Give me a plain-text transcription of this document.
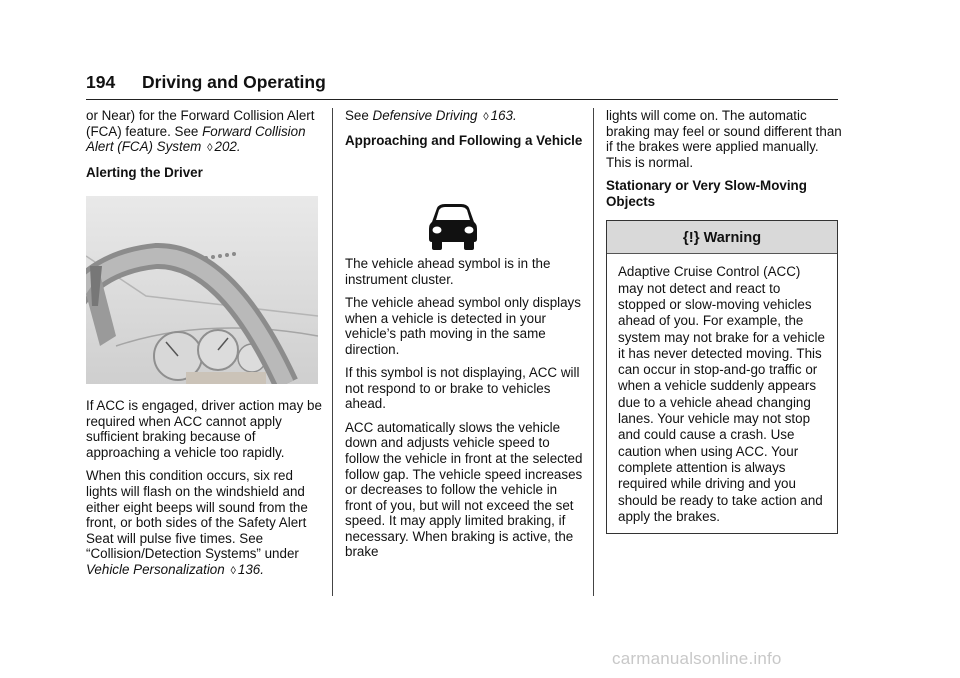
194 Driving and Operating

or Near) for the Forward Collision Alert (FCA) feature. See Forward Collision Alert (FCA) System ◊ 202.

Alerting the Driver

If ACC is engaged, driver action may be required when ACC cannot apply sufficient braking because of approaching a vehicle too rapidly.

When this condition occurs, six red lights will flash on the windshield and either eight beeps will sound from the front, or both sides of the Safety Alert Seat will pulse five times. See “Collision/Detection Systems” under Vehicle Personalization ◊ 136.

See Defensive Driving ◊ 163.

Approaching and Following a Vehicle

The vehicle ahead symbol is in the instrument cluster.

The vehicle ahead symbol only displays when a vehicle is detected in your vehicle’s path moving in the same direction.

If this symbol is not displaying, ACC will not respond to or brake to vehicles ahead.

ACC automatically slows the vehicle down and adjusts vehicle speed to follow the vehicle in front at the selected follow gap. The vehicle speed increases or decreases to follow the vehicle in front of you, but will not exceed the set speed. It may apply limited braking, if necessary. When braking is active, the brake

lights will come on. The automatic braking may feel or sound different than if the brakes were applied manually. This is normal.

Stationary or Very Slow-Moving Objects

{!} Warning
Adaptive Cruise Control (ACC) may not detect and react to stopped or slow-moving vehicles ahead of you. For example, the system may not brake for a vehicle it has never detected moving. This can occur in stop-and-go traffic or when a vehicle suddenly appears due to a vehicle ahead changing lanes. Your vehicle may not stop and could cause a crash. Use caution when using ACC. Your complete attention is always required while driving and you should be ready to take action and apply the brakes.
carmanualsonline.info
